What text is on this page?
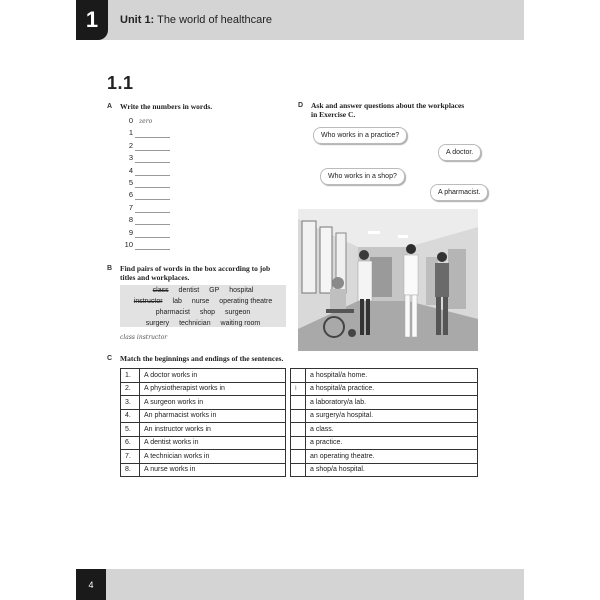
1	Unit 1: The world of healthcare
1.1
A Write the numbers in words.
0 zero
1
2
3
4
5
6
7
8
9
10
B Find pairs of words in the box according to job
titles and workplaces.
class dentist GP hospital
instructor lab nurse operating theatre
pharmacist shop surgeon
surgery technician waiting room
class instructor
C Match the beginnings and endings of the sentences.
1.	A doctor works in
2.	A physiotherapist works in
3.	A surgeon works in
4.	An pharmacist works in
5.	An instructor works in
6.	A dentist works in
7.	A technician works in
8.	A nurse works in
	a hospital/a home.
I	a hospital/a practice.
	a laboratory/a lab.
	a surgery/a hospital.
	a class.
	a practice.
	an operating theatre.
	a shop/a hospital.
D Ask and answer questions about the workplaces
in Exercise C.
Who works in a practice?
A doctor.
Who works in a shop?
A pharmacist.
4
